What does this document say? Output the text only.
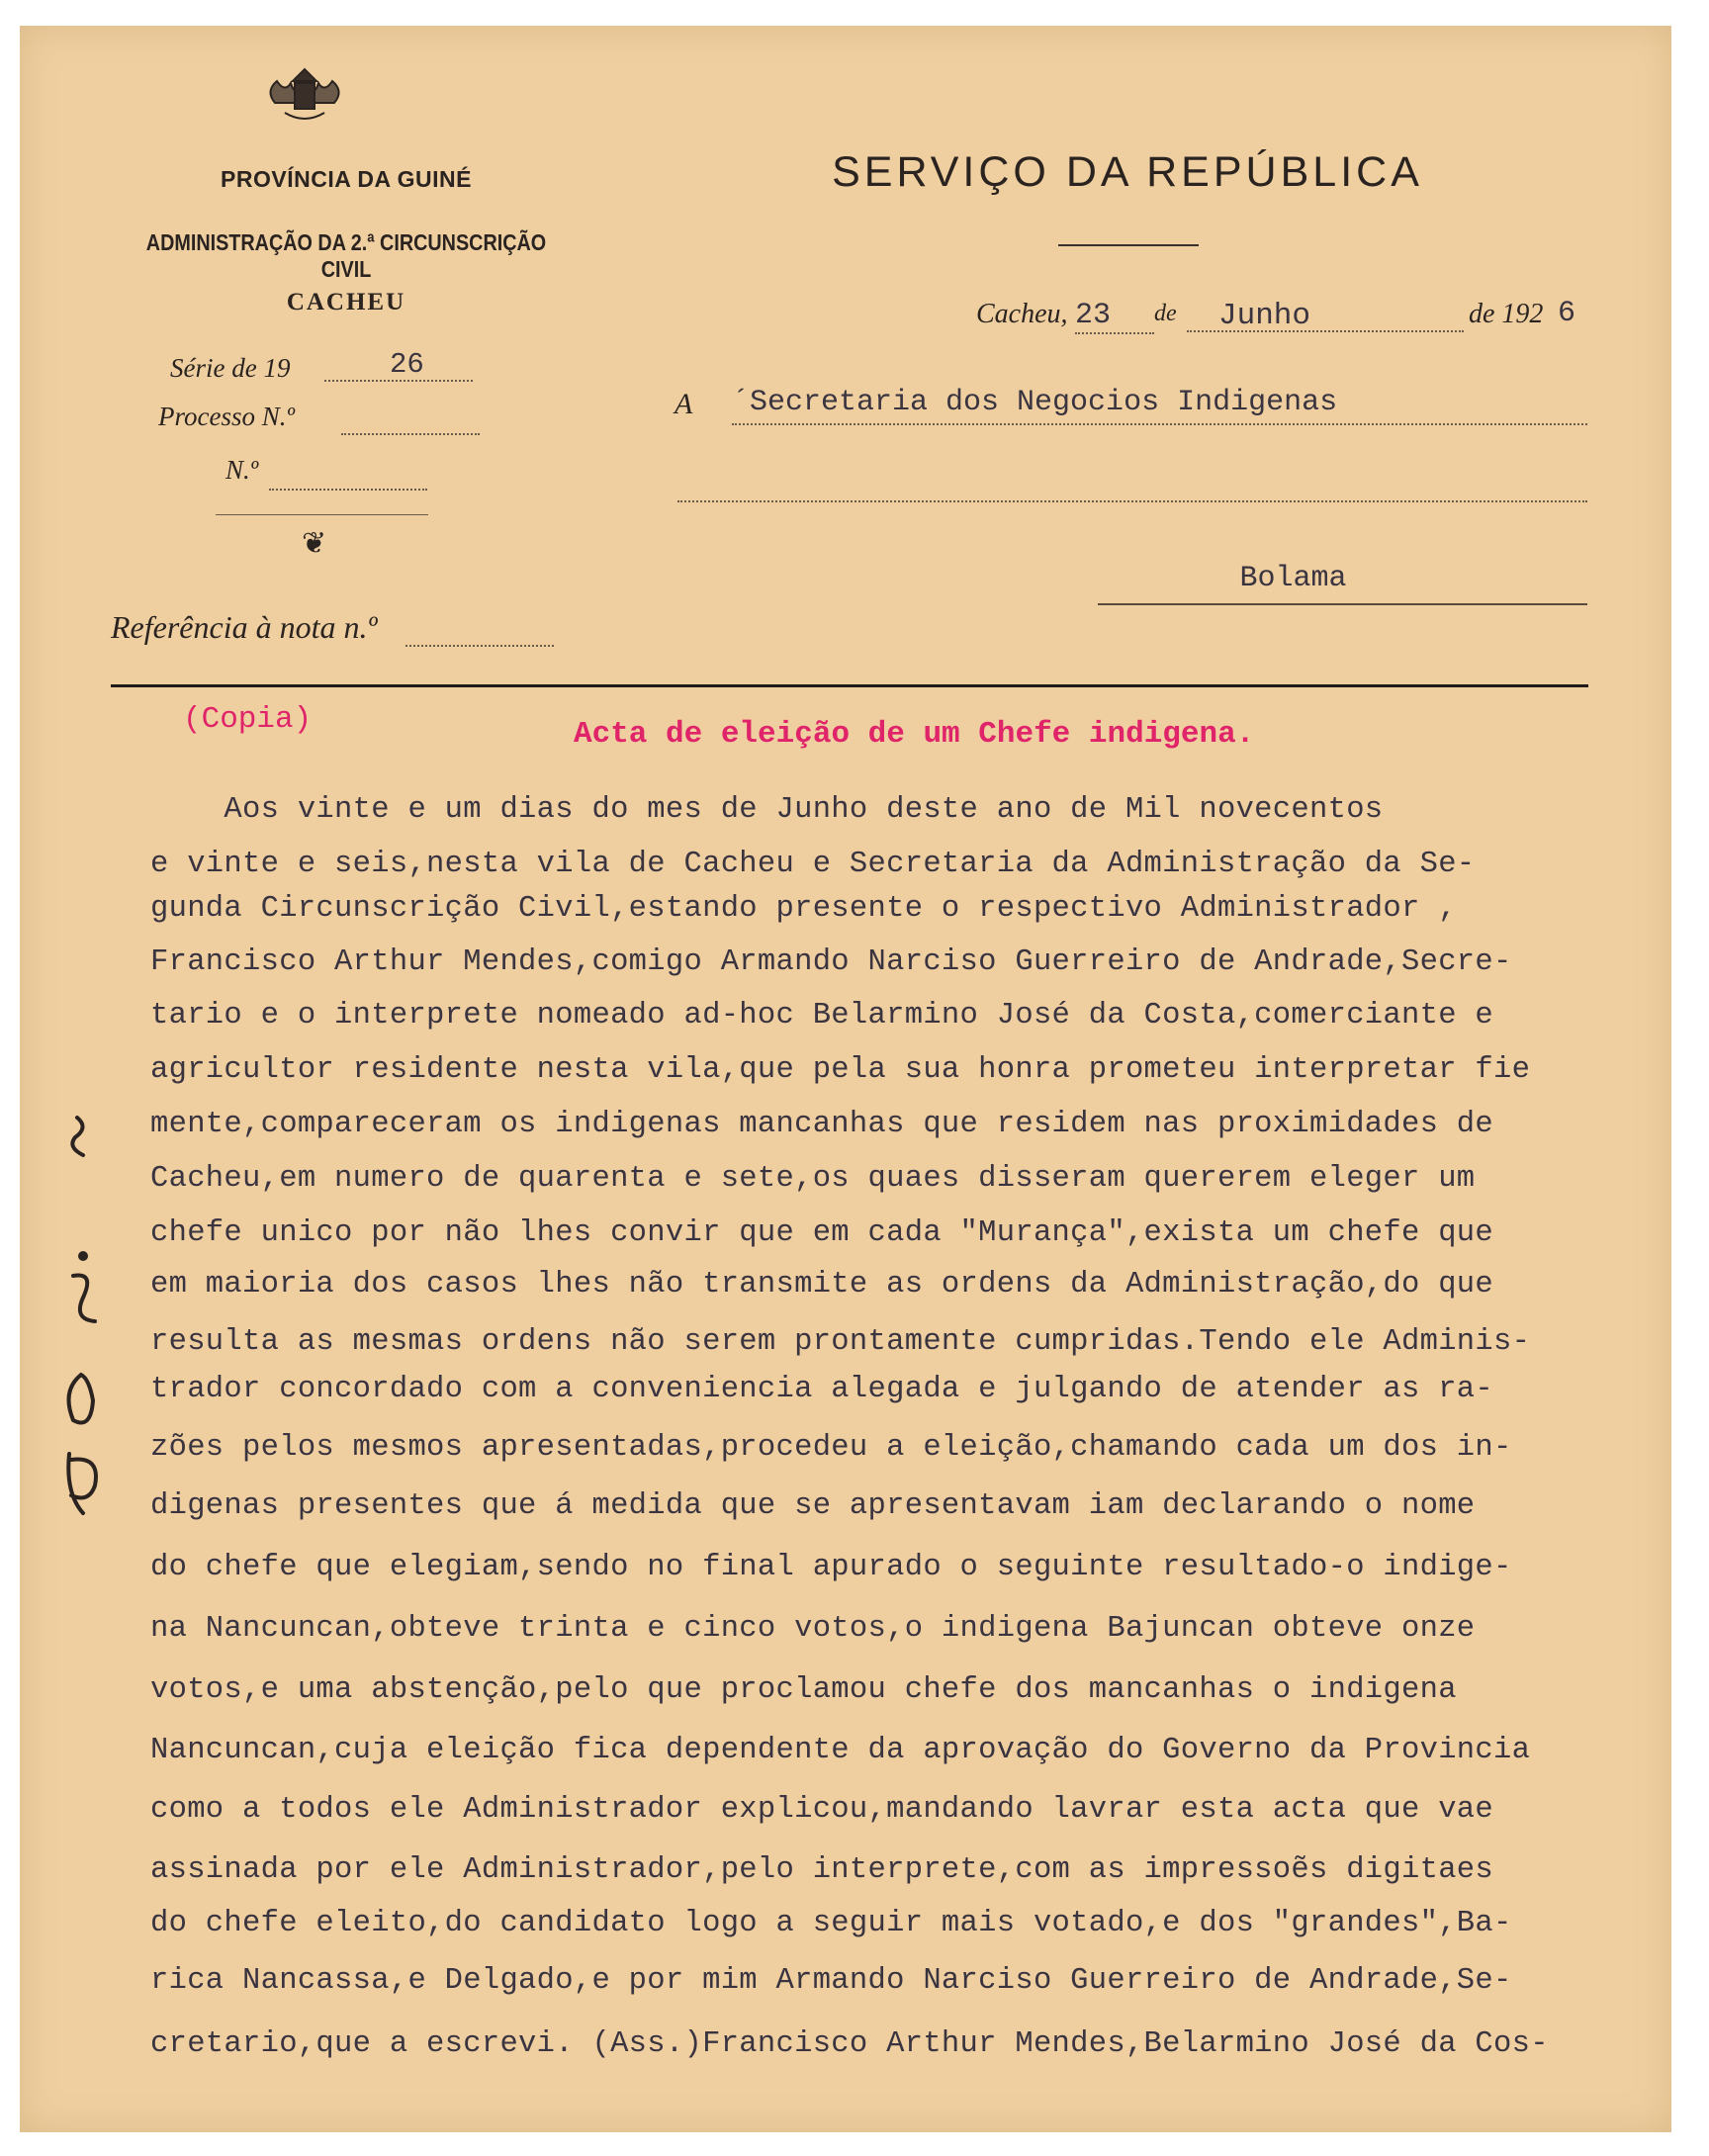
PROVÍNCIA DA GUINÉ
ADMINISTRAÇÃO DA 2.ª CIRCUNSCRIÇÃO CIVIL
CACHEU
Série de 19	26
Processo N.º
N.º
❦
Referência à nota n.º
SERVIÇO DA REPÚBLICA
Cacheu, 23	de	Junho	de 192 6
A ´Secretaria dos Negocios Indigenas
Bolama
(Copia)	Acta de eleição de um Chefe indigena.
Aos vinte e um dias do mes de Junho deste ano de Mil novecentos
e vinte e seis,nesta vila de Cacheu e Secretaria da Administração da Se-
gunda Circunscrição Civil,estando presente o respectivo Administrador ,
Francisco Arthur Mendes,comigo Armando Narciso Guerreiro de Andrade,Secre-
tario e o interprete nomeado ad-hoc Belarmino José da Costa,comerciante e
agricultor residente nesta vila,que pela sua honra prometeu interpretar fie
mente,compareceram os indigenas mancanhas que residem nas proximidades de
Cacheu,em numero de quarenta e sete,os quaes disseram quererem eleger um
chefe unico por não lhes convir que em cada "Murança",exista um chefe que
em maioria dos casos lhes não transmite as ordens da Administração,do que
resulta as mesmas ordens não serem prontamente cumpridas.Tendo ele Adminis-
trador concordado com a conveniencia alegada e julgando de atender as ra-
zões pelos mesmos apresentadas,procedeu a eleição,chamando cada um dos in-
digenas presentes que á medida que se apresentavam iam declarando o nome
do chefe que elegiam,sendo no final apurado o seguinte resultado-o indige-
na Nancuncan,obteve trinta e cinco votos,o indigena Bajuncan obteve onze
votos,e uma abstenção,pelo que proclamou chefe dos mancanhas o indigena
Nancuncan,cuja eleição fica dependente da aprovação do Governo da Provincia
como a todos ele Administrador explicou,mandando lavrar esta acta que vae
assinada por ele Administrador,pelo interprete,com as impressoẽs digitaes
do chefe eleito,do candidato logo a seguir mais votado,e dos "grandes",Ba-
rica Nancassa,e Delgado,e por mim Armando Narciso Guerreiro de Andrade,Se-
cretario,que a escrevi. (Ass.)Francisco Arthur Mendes,Belarmino José da Cos-
